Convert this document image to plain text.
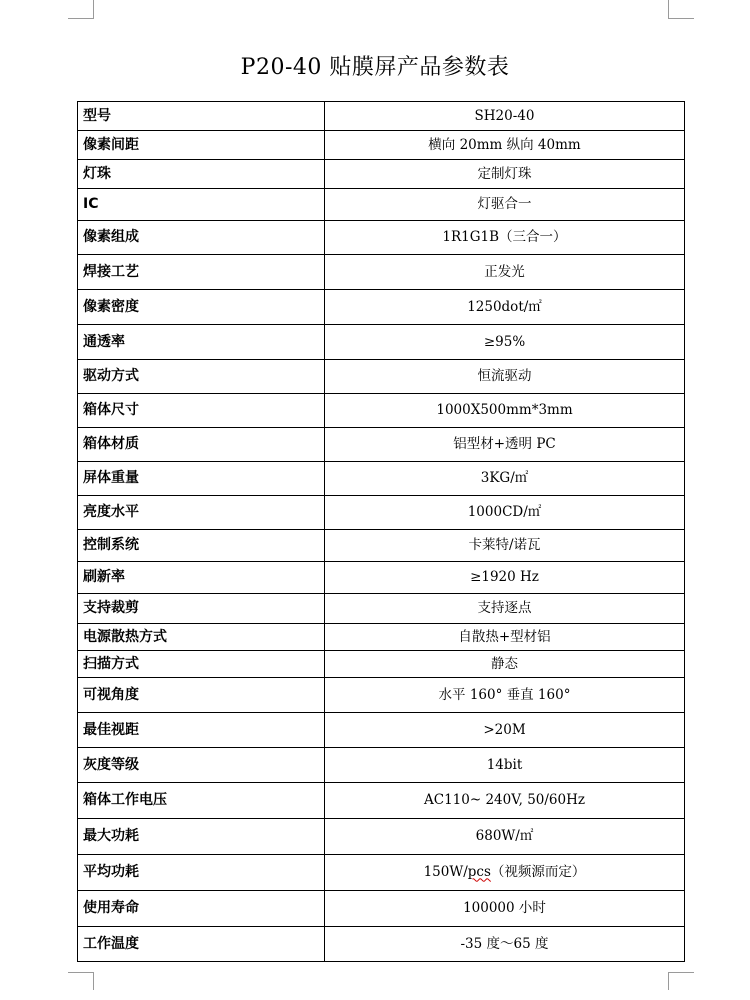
P20-40 贴膜屏产品参数表
型号	SH20-40
像素间距	横向 20mm 纵向 40mm
灯珠	定制灯珠
IC	灯驱合一
像素组成	1R1G1B（三合一）
焊接工艺	正发光
像素密度	1250dot/㎡
通透率	≥95%
驱动方式	恒流驱动
箱体尺寸	1000X500mm*3mm
箱体材质	铝型材+透明 PC
屏体重量	3KG/㎡
亮度水平	1000CD/㎡
控制系统	卡莱特/诺瓦
刷新率	≥1920 Hz
支持裁剪	支持逐点
电源散热方式	自散热+型材铝
扫描方式	静态
可视角度	水平 160° 垂直 160°
最佳视距	>20M
灰度等级	14bit
箱体工作电压	AC110~ 240V, 50/60Hz
最大功耗	680W/㎡
平均功耗	150W/pcs（视频源而定）
使用寿命	100000 小时
工作温度	-35 度～65 度
